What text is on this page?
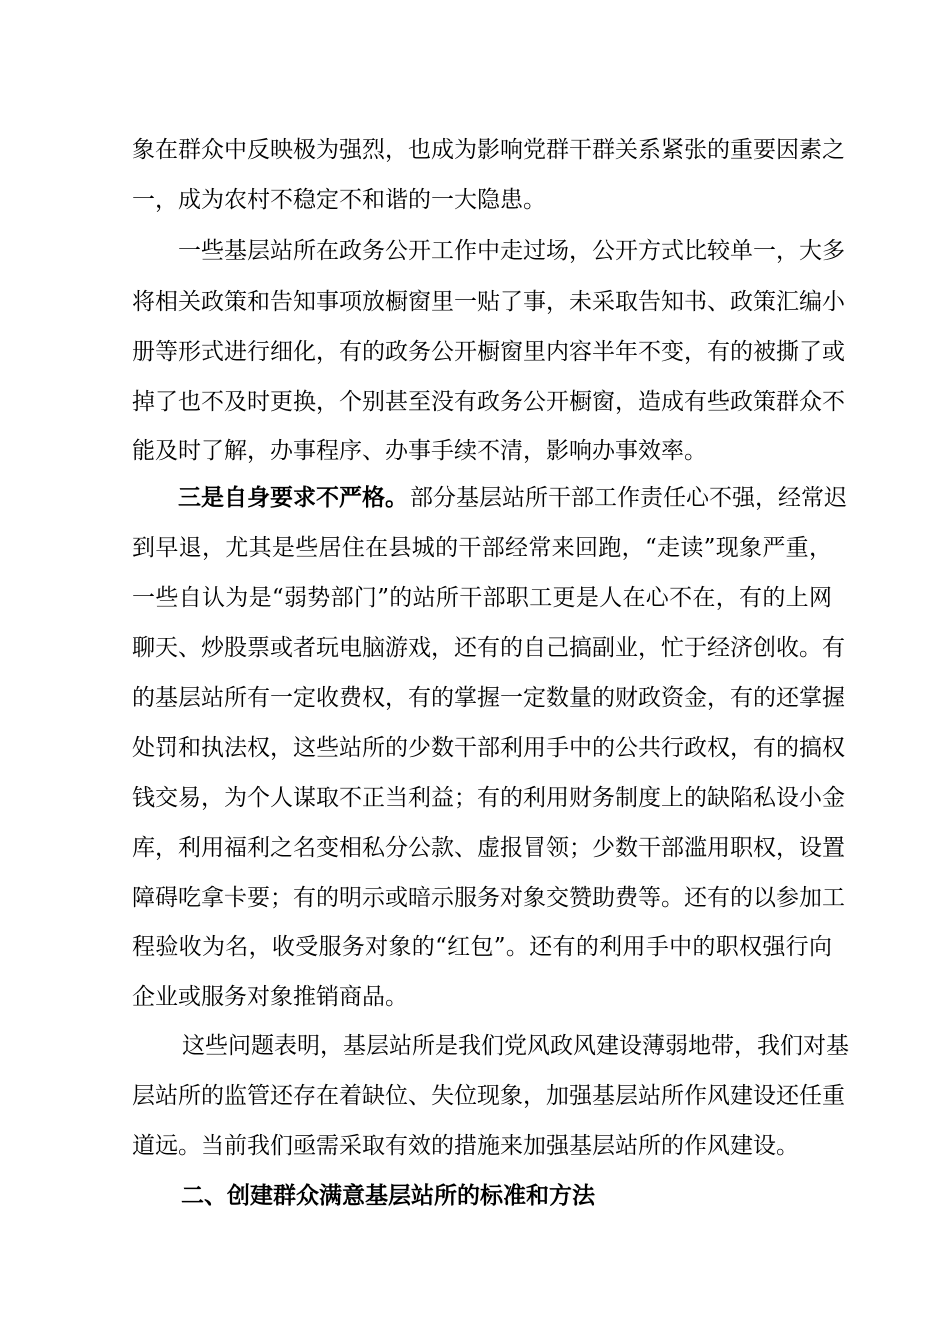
象在群众中反映极为强烈，也成为影响党群干群关系紧张的重要因素之
一，成为农村不稳定不和谐的一大隐患。
一些基层站所在政务公开工作中走过场，公开方式比较单一，大多
将相关政策和告知事项放橱窗里一贴了事，未采取告知书、政策汇编小
册等形式进行细化，有的政务公开橱窗里内容半年不变，有的被撕了或
掉了也不及时更换，个别甚至没有政务公开橱窗，造成有些政策群众不
能及时了解，办事程序、办事手续不清，影响办事效率。
三是自身要求不严格。 部分基层站所干部工作责任心不强，经常迟
到早退，尤其是些居住在县城的干部经常来回跑，“走读”现象严重，
一些自认为是“弱势部门”的站所干部职工更是人在心不在，有的上网
聊天、炒股票或者玩电脑游戏，还有的自己搞副业，忙于经济创收。有
的基层站所有一定收费权，有的掌握一定数量的财政资金，有的还掌握
处罚和执法权，这些站所的少数干部利用手中的公共行政权，有的搞权
钱交易，为个人谋取不正当利益；有的利用财务制度上的缺陷私设小金
库，利用福利之名变相私分公款、虚报冒领；少数干部滥用职权，设置
障碍吃拿卡要；有的明示或暗示服务对象交赞助费等。还有的以参加工
程验收为名，收受服务对象的“红包”。还有的利用手中的职权强行向
企业或服务对象推销商品。
这些问题表明，基层站所是我们党风政风建设薄弱地带，我们对基
层站所的监管还存在着缺位、失位现象，加强基层站所作风建设还任重
道远。当前我们亟需采取有效的措施来加强基层站所的作风建设。
二、创建群众满意基层站所的标准和方法
